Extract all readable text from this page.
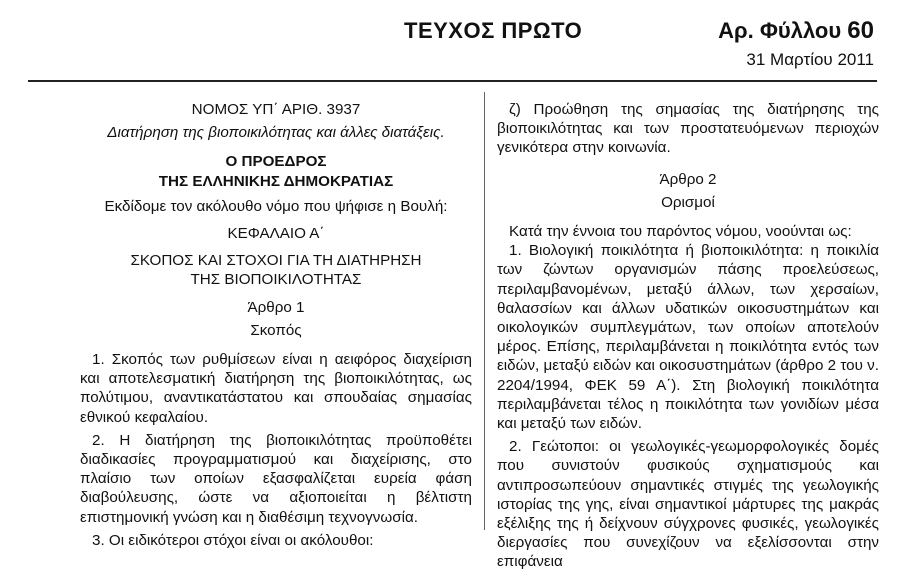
ΤΕΥΧΟΣ ΠΡΩΤΟ	Αρ. Φύλλου 60
31 Μαρτίου 2011

ΝΟΜΟΣ ΥΠ΄ ΑΡΙΘ. 3937

Διατήρηση της βιοποικιλότητας και άλλες διατάξεις.

Ο ΠΡΟΕΔΡΟΣ

ΤΗΣ ΕΛΛΗΝΙΚΗΣ ΔΗΜΟΚΡΑΤΙΑΣ

Εκδίδομε τον ακόλουθο νόμο που ψήφισε η Βουλή:

ΚΕΦΑΛΑΙΟ Α΄

ΣΚΟΠΟΣ ΚΑΙ ΣΤΟΧΟΙ ΓΙΑ ΤΗ ΔΙΑΤΗΡΗΣΗ

ΤΗΣ ΒΙΟΠΟΙΚΙΛΟΤΗΤΑΣ

Άρθρο 1

Σκοπός

1. Σκοπός των ρυθμίσεων είναι η αειφόρος διαχείριση και αποτελεσματική διατήρηση της βιοποικιλότητας, ως πολύτιμου, αναντικατάστατου και σπουδαίας σημασίας εθνικού κεφαλαίου.

2. Η διατήρηση της βιοποικιλότητας προϋποθέτει διαδικασίες προγραμματισμού και διαχείρισης, στο πλαίσιο των οποίων εξασφαλίζεται ευρεία φάση διαβούλευσης, ώστε να αξιοποιείται η βέλτιστη επιστημονική γνώση και η διαθέσιμη τεχνογνωσία.

3. Οι ειδικότεροι στόχοι είναι οι ακόλουθοι:

ζ) Προώθηση της σημασίας της διατήρησης της βιοποικιλότητας και των προστατευόμενων περιοχών γενικότερα στην κοινωνία.

Άρθρο 2

Ορισμοί

Κατά την έννοια του παρόντος νόμου, νοούνται ως:

1. Βιολογική ποικιλότητα ή βιοποικιλότητα: η ποικιλία των ζώντων οργανισμών πάσης προελεύσεως, περιλαμβανομένων, μεταξύ άλλων, των χερσαίων, θαλασσίων και άλλων υδατικών οικοσυστημάτων και οικολογικών συμπλεγμάτων, των οποίων αποτελούν μέρος. Επίσης, περιλαμβάνεται η ποικιλότητα εντός των ειδών, μεταξύ ειδών και οικοσυστημάτων (άρθρο 2 του ν. 2204/1994, ΦΕΚ 59 Α΄). Στη βιολογική ποικιλότητα περιλαμβάνεται τέλος η ποικιλότητα των γονιδίων μέσα και μεταξύ των ειδών.

2. Γεώτοποι: οι γεωλογικές-γεωμορφολογικές δομές που συνιστούν φυσικούς σχηματισμούς και αντιπροσωπεύουν σημαντικές στιγμές της γεωλογικής ιστορίας της γης, είναι σημαντικοί μάρτυρες της μακράς εξέλιξης της ή δείχνουν σύγχρονες φυσικές, γεωλογικές διεργασίες που συνεχίζουν να εξελίσσονται στην επιφάνεια
